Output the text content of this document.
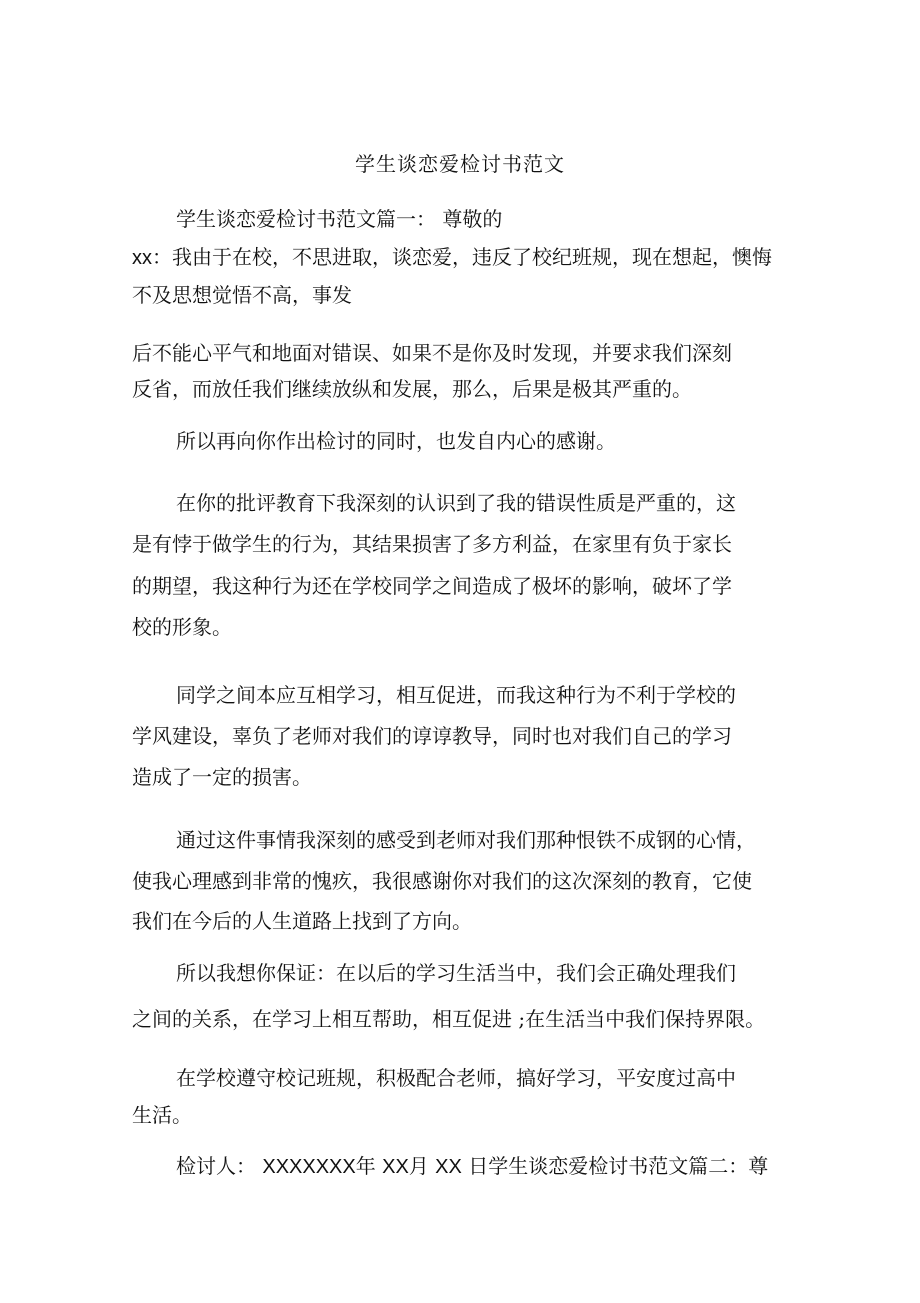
学生谈恋爱检讨书范文
学生谈恋爱检讨书范文篇一： 尊敬的
xx：我由于在校，不思进取，谈恋爱，违反了校纪班规，现在想起，懊悔
不及思想觉悟不高，事发
后不能心平气和地面对错误、如果不是你及时发现，并要求我们深刻
反省，而放任我们继续放纵和发展，那么，后果是极其严重的。
所以再向你作出检讨的同时，也发自内心的感谢。
在你的批评教育下我深刻的认识到了我的错误性质是严重的，这
是有悖于做学生的行为，其结果损害了多方利益，在家里有负于家长
的期望，我这种行为还在学校同学之间造成了极坏的影响，破坏了学
校的形象。
同学之间本应互相学习，相互促进，而我这种行为不利于学校的
学风建设，辜负了老师对我们的谆谆教导，同时也对我们自己的学习
造成了一定的损害。
通过这件事情我深刻的感受到老师对我们那种恨铁不成钢的心情，
使我心理感到非常的愧疚，我很感谢你对我们的这次深刻的教育，它使
我们在今后的人生道路上找到了方向。
所以我想你保证：在以后的学习生活当中，我们会正确处理我们
之间的关系，在学习上相互帮助，相互促进 ;在生活当中我们保持界限。
在学校遵守校记班规，积极配合老师，搞好学习，平安度过高中
生活。
检讨人： XXXXXXX年 XX月 XX 日学生谈恋爱检讨书范文篇二：尊
